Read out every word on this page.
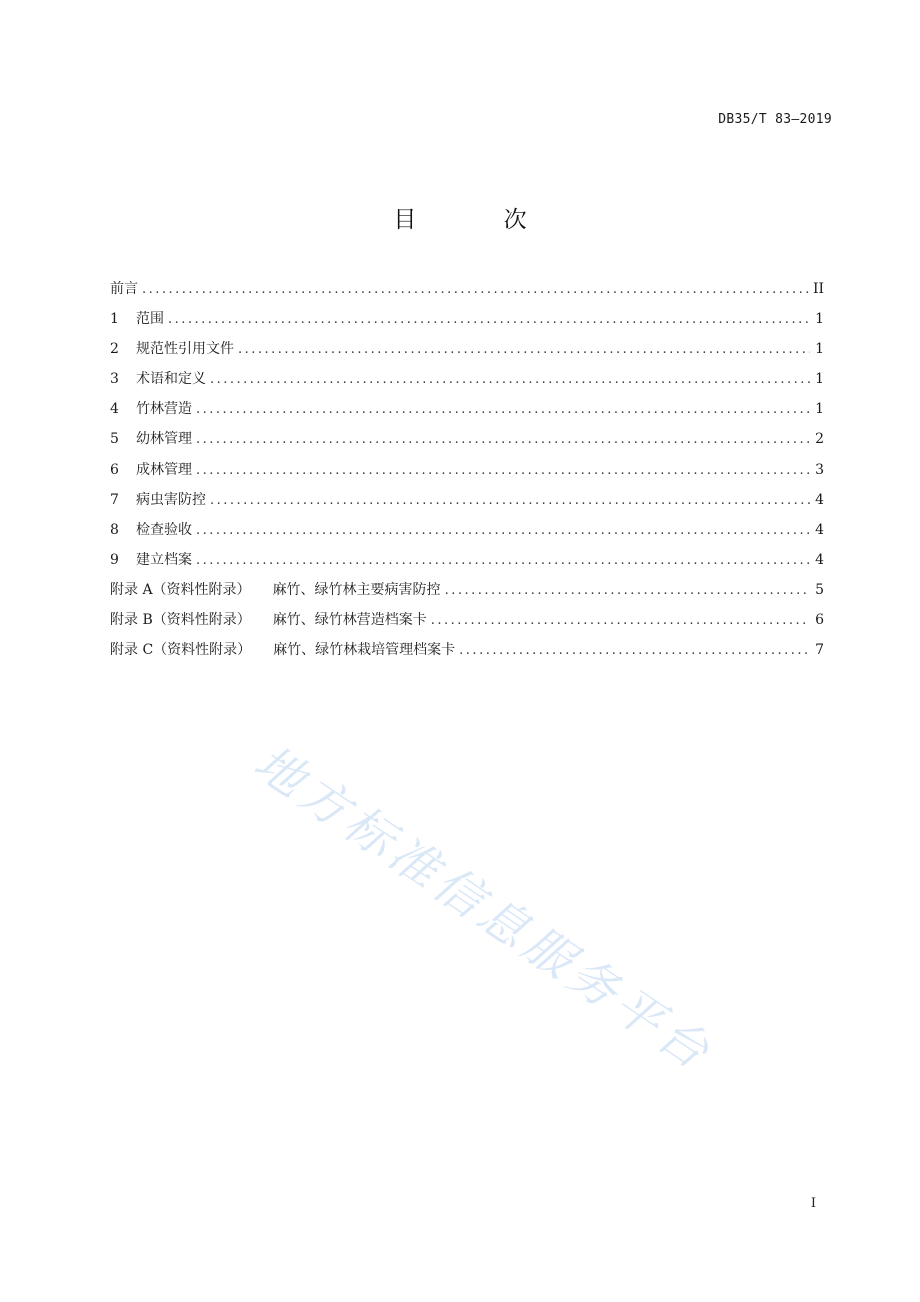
DB35/T 83—2019
目 次
前言 .....	II
1	范围 .....	1
2	规范性引用文件 .....	1
3	术语和定义 .....	1
4	竹林营造 .....	1
5	幼林管理 .....	2
6	成林管理 .....	3
7	病虫害防控 .....	4
8	检查验收 .....	4
9	建立档案 .....	4
附录 A（资料性附录） 麻竹、绿竹林主要病害防控 .....	5
附录 B（资料性附录） 麻竹、绿竹林营造档案卡 .....	6
附录 C（资料性附录） 麻竹、绿竹林栽培管理档案卡 .....	7
地方标准信息服务平台
I
